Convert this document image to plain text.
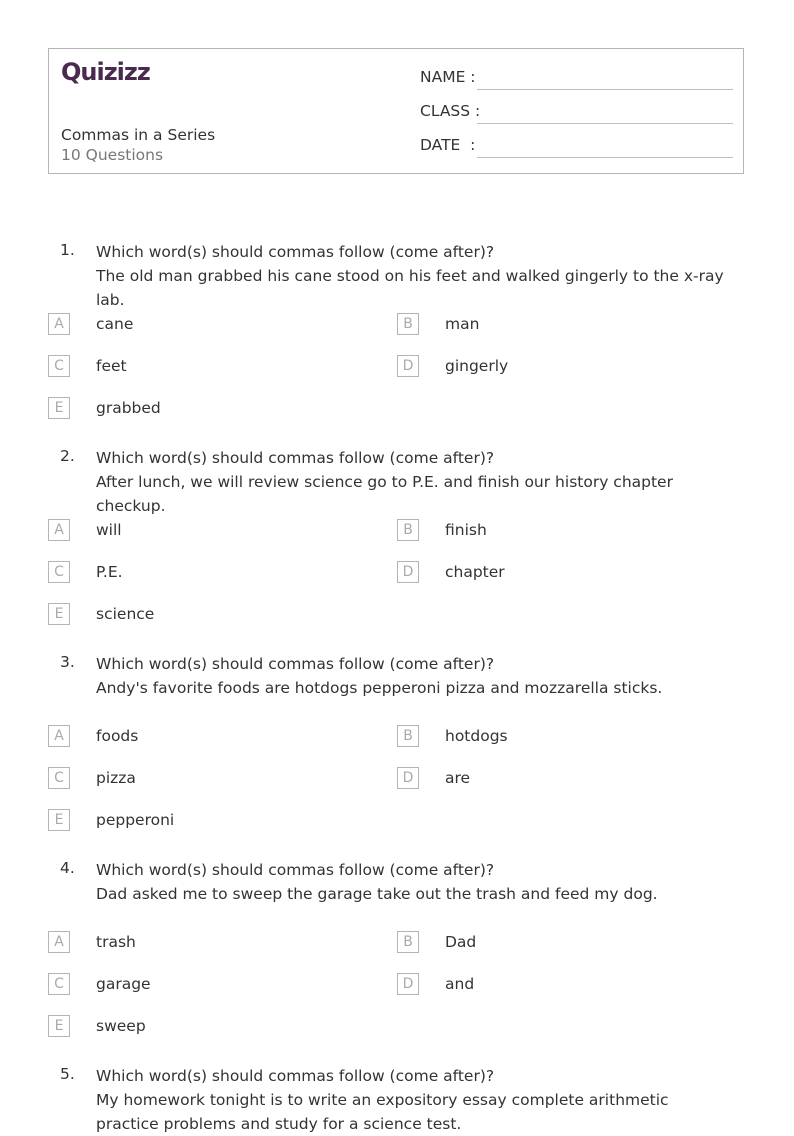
Quizizz
Commas in a Series
10 Questions
NAME :
CLASS :
DATE  :
1. Which word(s) should commas follow (come after)?
The old man grabbed his cane stood on his feet and walked gingerly to the x-ray lab.
A	cane	B	man
C	feet	D	gingerly
E	grabbed
2. Which word(s) should commas follow (come after)?
After lunch, we will review science go to P.E. and finish our history chapter checkup.
A	will	B	finish
C	P.E.	D	chapter
E	science
3. Which word(s) should commas follow (come after)?
Andy's favorite foods are hotdogs pepperoni pizza and mozzarella sticks.
A	foods	B	hotdogs
C	pizza	D	are
E	pepperoni
4. Which word(s) should commas follow (come after)?
Dad asked me to sweep the garage take out the trash and feed my dog.
A	trash	B	Dad
C	garage	D	and
E	sweep
5. Which word(s) should commas follow (come after)?
My homework tonight is to write an expository essay complete arithmetic practice problems and study for a science test.
